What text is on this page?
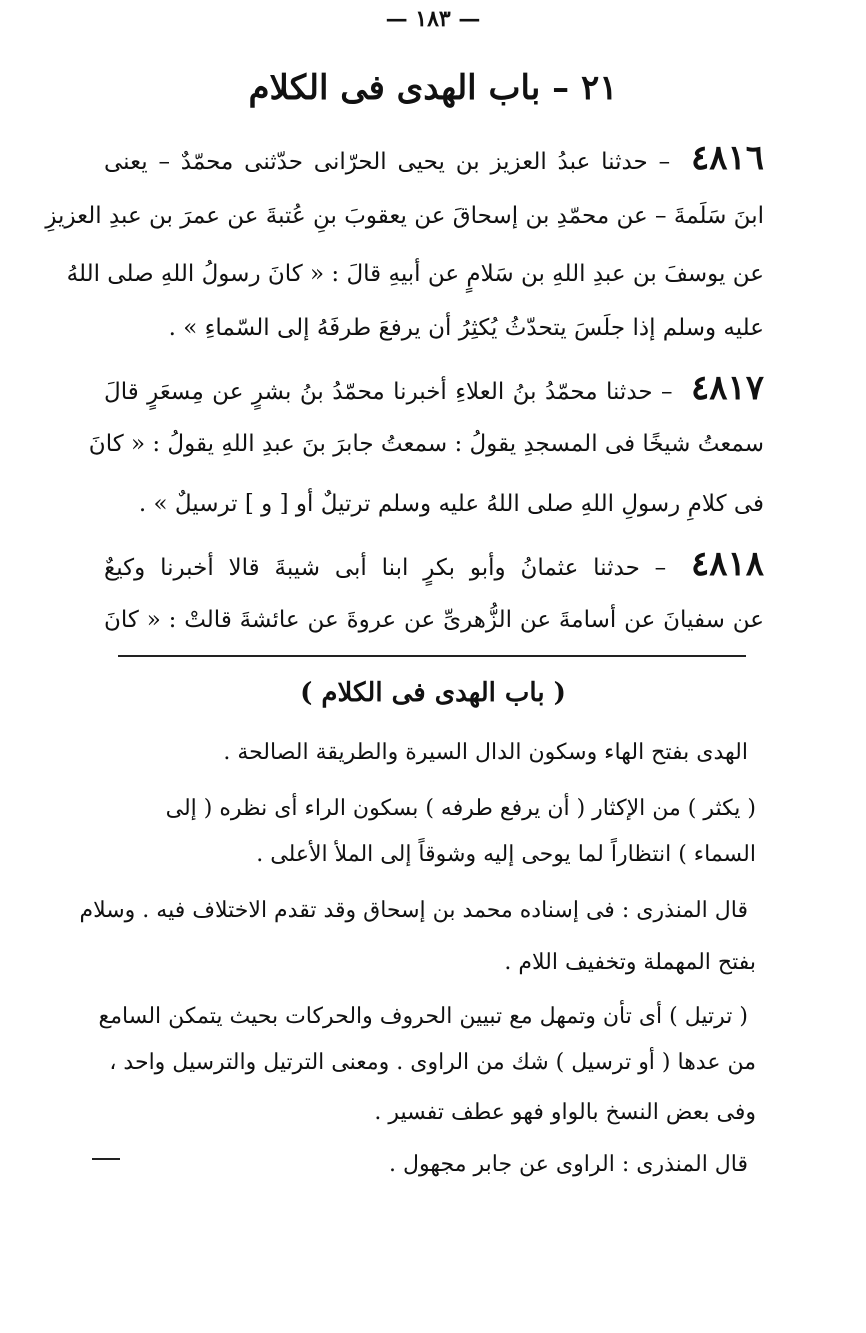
— ١٨٣ —
٢١ – باب الهدى فى الكلام
٤٨١٦ – حدثنا عبدُ العزيز بن يحيى الحرّانى حدّثنى محمّدٌ – يعنى
ابنَ سَلَمةَ – عن محمّدِ بن إسحاقَ عن يعقوبَ بنِ عُتبةَ عن عمرَ بن عبدِ العزيزِ
عن يوسفَ بن عبدِ اللهِ بن سَلامٍ عن أبيهِ قالَ : « كانَ رسولُ اللهِ صلى اللهُ
عليه وسلم إذا جلَسَ يتحدّثُ يُكثِرُ أن يرفعَ طرفَهُ إلى السّماءِ » .
٤٨١٧ – حدثنا محمّدُ بنُ العلاءِ أخبرنا محمّدُ بنُ بشرٍ عن مِسعَرٍ قالَ
سمعتُ شيخًا فى المسجدِ يقولُ : سمعتُ جابرَ بنَ عبدِ اللهِ يقولُ : « كانَ
فى كلامِ رسولِ اللهِ صلى اللهُ عليه وسلم ترتيلٌ أو [ و ] ترسيلٌ » .
٤٨١٨ – حدثنا عثمانُ وأبو بكرٍ ابنا أبى شيبةَ قالا أخبرنا وكيعٌ
عن سفيانَ عن أسامةَ عن الزُّهرىِّ عن عروةَ عن عائشةَ قالتْ : « كانَ
( باب الهدى فى الكلام )
الهدى بفتح الهاء وسكون الدال السيرة والطريقة الصالحة .
( يكثر ) من الإكثار ( أن يرفع طرفه ) بسكون الراء أى نظره ( إلى
السماء ) انتظاراً لما يوحى إليه وشوقاً إلى الملأ الأعلى .
قال المنذرى : فى إسناده محمد بن إسحاق وقد تقدم الاختلاف فيه . وسلام
بفتح المهملة وتخفيف اللام .
( ترتيل ) أى تأن وتمهل مع تبيين الحروف والحركات بحيث يتمكن السامع
من عدها ( أو ترسيل ) شك من الراوى . ومعنى الترتيل والترسيل واحد ،
وفى بعض النسخ بالواو فهو عطف تفسير .
قال المنذرى : الراوى عن جابر مجهول .
